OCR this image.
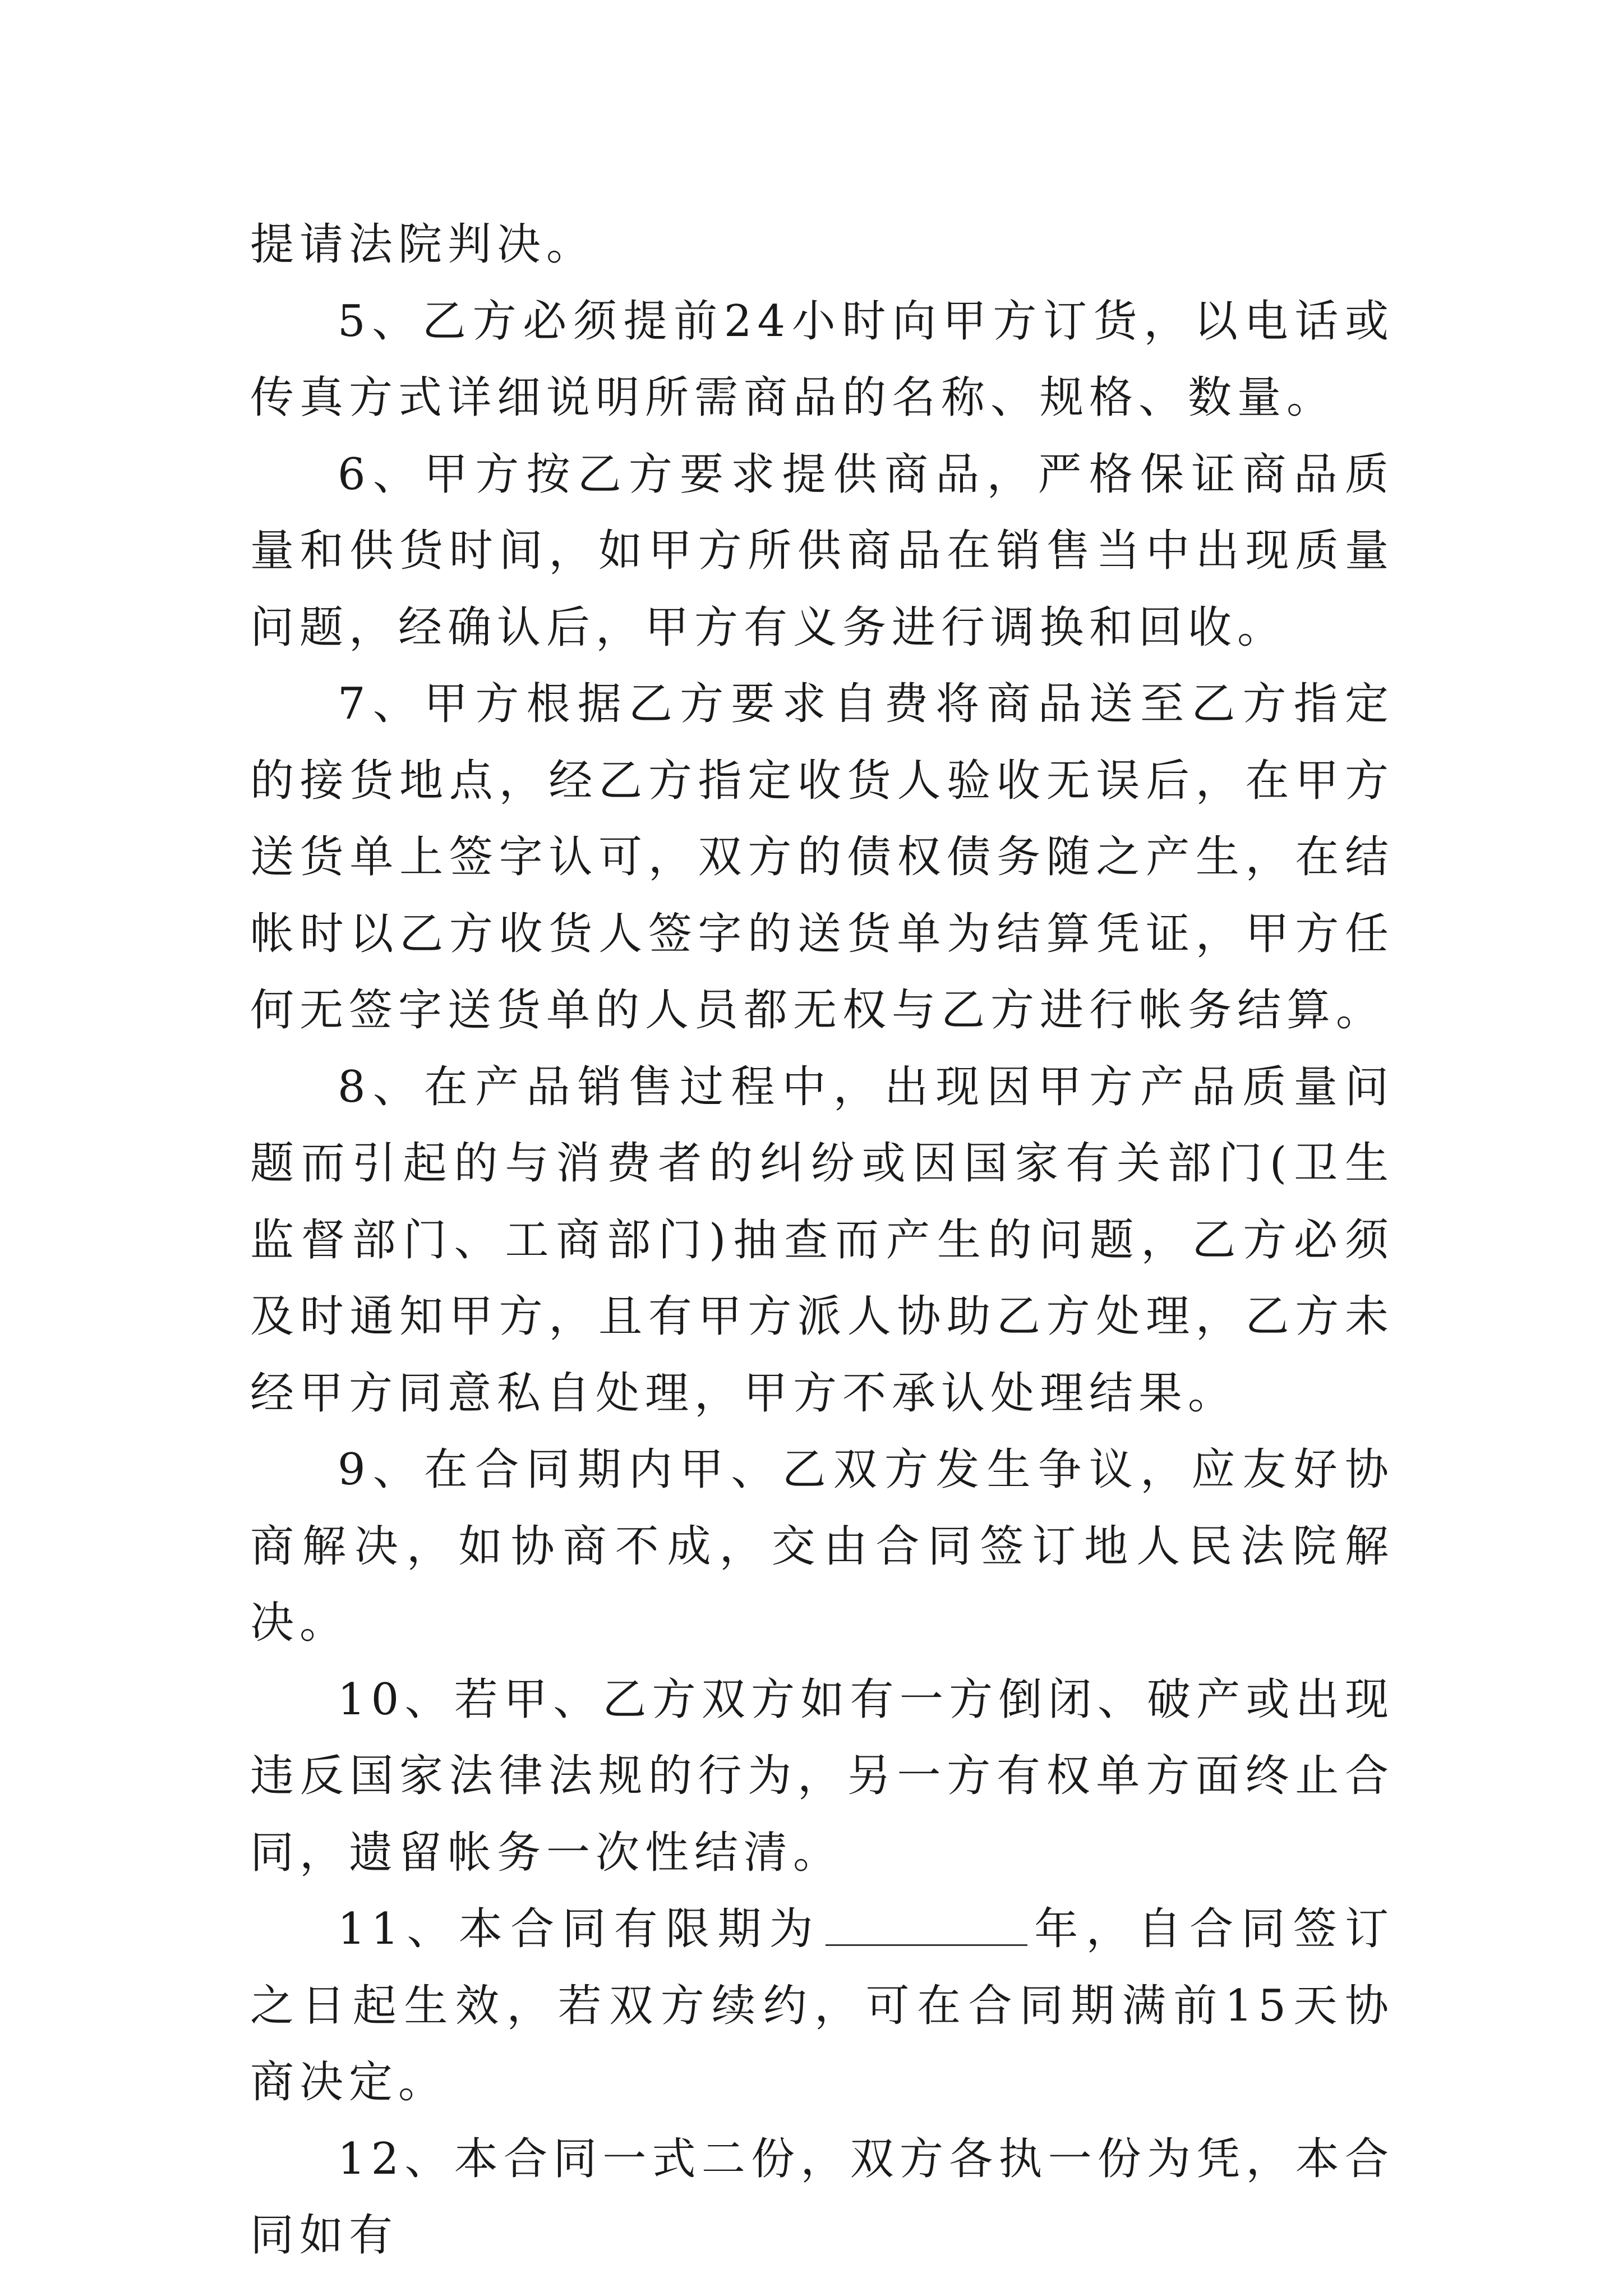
提请法院判决。

5、乙方必须提前24小时向甲方订货，以电话或传真方式详细说明所需商品的名称、规格、数量。

6、甲方按乙方要求提供商品，严格保证商品质量和供货时间，如甲方所供商品在销售当中出现质量问题，经确认后，甲方有义务进行调换和回收。

7、甲方根据乙方要求自费将商品送至乙方指定的接货地点，经乙方指定收货人验收无误后，在甲方送货单上签字认可，双方的债权债务随之产生，在结帐时以乙方收货人签字的送货单为结算凭证，甲方任何无签字送货单的人员都无权与乙方进行帐务结算。

8、在产品销售过程中，出现因甲方产品质量问题而引起的与消费者的纠纷或因国家有关部门(卫生监督部门、工商部门)抽查而产生的问题，乙方必须及时通知甲方，且有甲方派人协助乙方处理，乙方未经甲方同意私自处理，甲方不承认处理结果。

9、在合同期内甲、乙双方发生争议，应友好协商解决，如协商不成，交由合同签订地人民法院解决。

10、若甲、乙方双方如有一方倒闭、破产或出现违反国家法律法规的行为，另一方有权单方面终止合同，遗留帐务一次性结清。

11、本合同有限期为	年，自合同签订之日起生效，若双方续约，可在合同期满前15天协商决定。

12、本合同一式二份，双方各执一份为凭，本合同如有
